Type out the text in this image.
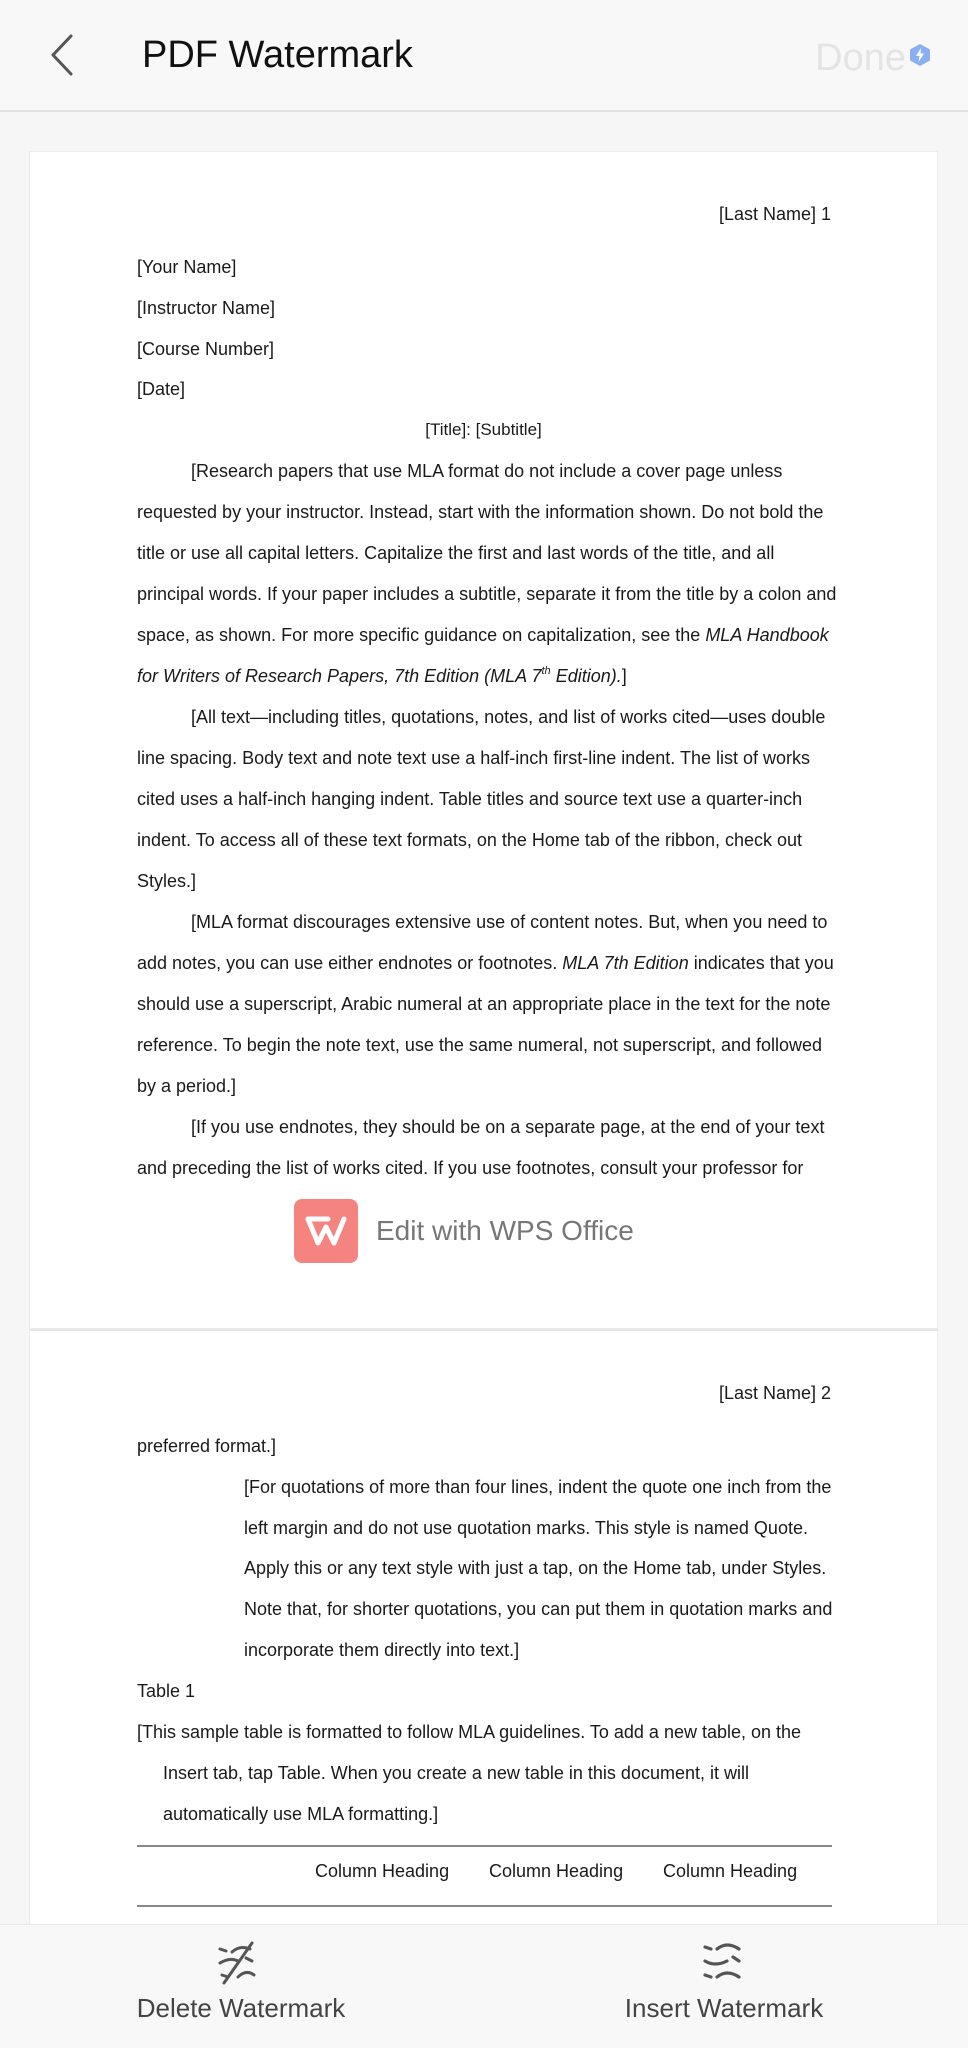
PDF Watermark	Done
[Last Name] 1
[Your Name]
[Instructor Name]
[Course Number]
[Date]
[Title]: [Subtitle]
[Research papers that use MLA format do not include a cover page unless
requested by your instructor. Instead, start with the information shown. Do not bold the
title or use all capital letters. Capitalize the first and last words of the title, and all
principal words. If your paper includes a subtitle, separate it from the title by a colon and
space, as shown. For more specific guidance on capitalization, see the MLA Handbook
for Writers of Research Papers, 7th Edition (MLA 7th Edition).]
[All text—including titles, quotations, notes, and list of works cited—uses double
line spacing. Body text and note text use a half-inch first-line indent. The list of works
cited uses a half-inch hanging indent. Table titles and source text use a quarter-inch
indent. To access all of these text formats, on the Home tab of the ribbon, check out
Styles.]
[MLA format discourages extensive use of content notes. But, when you need to
add notes, you can use either endnotes or footnotes. MLA 7th Edition indicates that you
should use a superscript, Arabic numeral at an appropriate place in the text for the note
reference. To begin the note text, use the same numeral, not superscript, and followed
by a period.]
[If you use endnotes, they should be on a separate page, at the end of your text
and preceding the list of works cited. If you use footnotes, consult your professor for
Edit with WPS Office
[Last Name] 2
preferred format.]
[For quotations of more than four lines, indent the quote one inch from the
left margin and do not use quotation marks. This style is named Quote.
Apply this or any text style with just a tap, on the Home tab, under Styles.
Note that, for shorter quotations, you can put them in quotation marks and
incorporate them directly into text.]
Table 1
[This sample table is formatted to follow MLA guidelines. To add a new table, on the
Insert tab, tap Table. When you create a new table in this document, it will
automatically use MLA formatting.]
Column Heading Column Heading Column Heading
Delete Watermark	Insert Watermark
